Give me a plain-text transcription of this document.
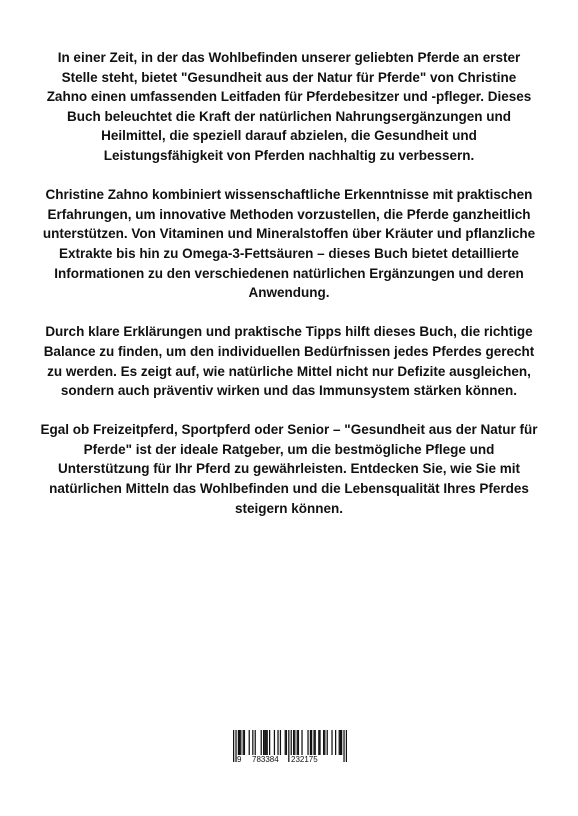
In einer Zeit, in der das Wohlbefinden unserer geliebten Pferde an erster Stelle steht, bietet "Gesundheit aus der Natur für Pferde" von Christine Zahno einen umfassenden Leitfaden für Pferdebesitzer und -pfleger. Dieses Buch beleuchtet die Kraft der natürlichen Nahrungsergänzungen und Heilmittel, die speziell darauf abzielen, die Gesundheit und Leistungsfähigkeit von Pferden nachhaltig zu verbessern.

Christine Zahno kombiniert wissenschaftliche Erkenntnisse mit praktischen Erfahrungen, um innovative Methoden vorzustellen, die Pferde ganzheitlich unterstützen. Von Vitaminen und Mineralstoffen über Kräuter und pflanzliche Extrakte bis hin zu Omega-3-Fettsäuren – dieses Buch bietet detaillierte Informationen zu den verschiedenen natürlichen Ergänzungen und deren Anwendung.

Durch klare Erklärungen und praktische Tipps hilft dieses Buch, die richtige Balance zu finden, um den individuellen Bedürfnissen jedes Pferdes gerecht zu werden. Es zeigt auf, wie natürliche Mittel nicht nur Defizite ausgleichen, sondern auch präventiv wirken und das Immunsystem stärken können.

Egal ob Freizeitpferd, Sportpferd oder Senior – "Gesundheit aus der Natur für Pferde" ist der ideale Ratgeber, um die bestmögliche Pflege und Unterstützung für Ihr Pferd zu gewährleisten. Entdecken Sie, wie Sie mit natürlichen Mitteln das Wohlbefinden und die Lebensqualität Ihres Pferdes steigern können.

9 783384 232175
